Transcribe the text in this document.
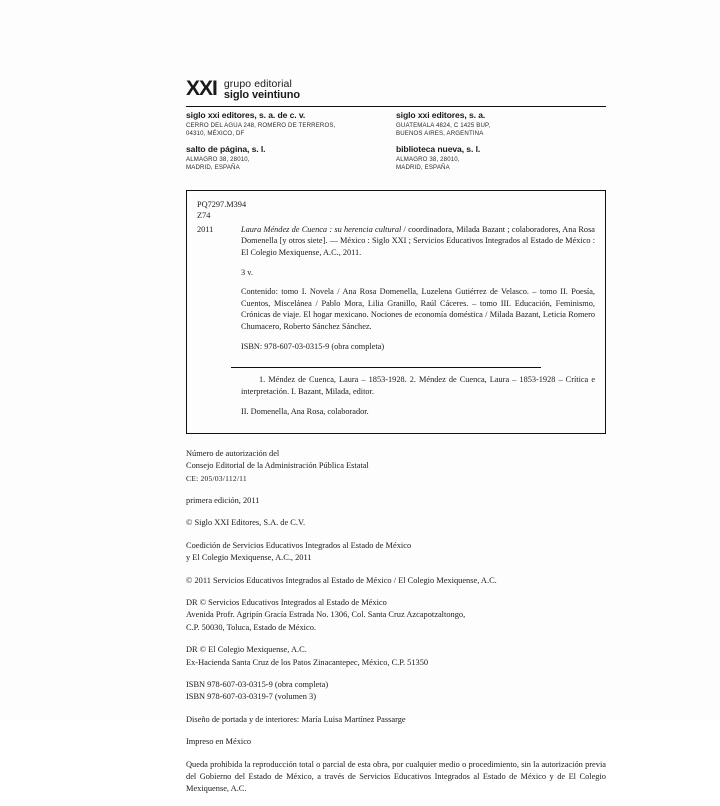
XXI grupo editorial
siglo veintiuno
siglo xxi editores, s. a. de c. v.
CERRO DEL AGUA 248, ROMERO DE TERREROS,
04310, MÉXICO, DF
salto de página, s. l.
ALMAGRO 38, 28010,
MADRID, ESPAÑA
siglo xxi editores, s. a.
GUATEMALA 4824, C 1425 BUP,
BUENOS AIRES, ARGENTINA
biblioteca nueva, s. l.
ALMAGRO 38, 28010,
MADRID, ESPAÑA
PQ7297.M394
Z74
2011	Laura Méndez de Cuenca : su herencia cultural / coordinadora, Milada Bazant ; colaboradores, Ana Rosa Domenella [y otros siete]. — México : Siglo XXI ; Servicios Educativos Integrados al Estado de México : El Colegio Mexiquense, A.C., 2011.

3 v.

Contenido: tomo I. Novela / Ana Rosa Domenella, Luzelena Gutiérrez de Velasco. – tomo II. Poesía, Cuentos, Miscelánea / Pablo Mora, Lilia Granillo, Raúl Cáceres. – tomo III. Educación, Feminismo, Crónicas de viaje. El hogar mexicano. Nociones de economía doméstica / Milada Bazant, Leticia Romero Chumacero, Roberto Sánchez Sánchez.

ISBN: 978-607-03-0315-9 (obra completa)

1. Méndez de Cuenca, Laura – 1853-1928. 2. Méndez de Cuenca, Laura – 1853-1928 – Crítica e interpretación. I. Bazant, Milada, editor.

II. Domenella, Ana Rosa, colaborador.

Número de autorización del
Consejo Editorial de la Administración Pública Estatal
CE: 205/03/112/11

primera edición, 2011

© Siglo XXI Editores, S.A. de C.V.

Coedición de Servicios Educativos Integrados al Estado de México
y El Colegio Mexiquense, A.C., 2011

© 2011 Servicios Educativos Integrados al Estado de México / El Colegio Mexiquense, A.C.

DR © Servicios Educativos Integrados al Estado de México
Avenida Profr. Agripín Gracía Estrada No. 1306, Col. Santa Cruz Azcapotzaltongo,
C.P. 50030, Toluca, Estado de México.

DR © El Colegio Mexiquense, A.C.
Ex-Hacienda Santa Cruz de los Patos Zinacantepec, México, C.P. 51350

ISBN 978-607-03-0315-9 (obra completa)
ISBN 978-607-03-0319-7 (volumen 3)

Diseño de portada y de interiores: María Luisa Martínez Passarge

Impreso en México

Queda prohibida la reproducción total o parcial de esta obra, por cualquier medio o procedimiento, sin la autorización previa del Gobierno del Estado de México, a través de Servicios Educativos Integrados al Estado de México y de El Colegio Mexiquense, A.C.
